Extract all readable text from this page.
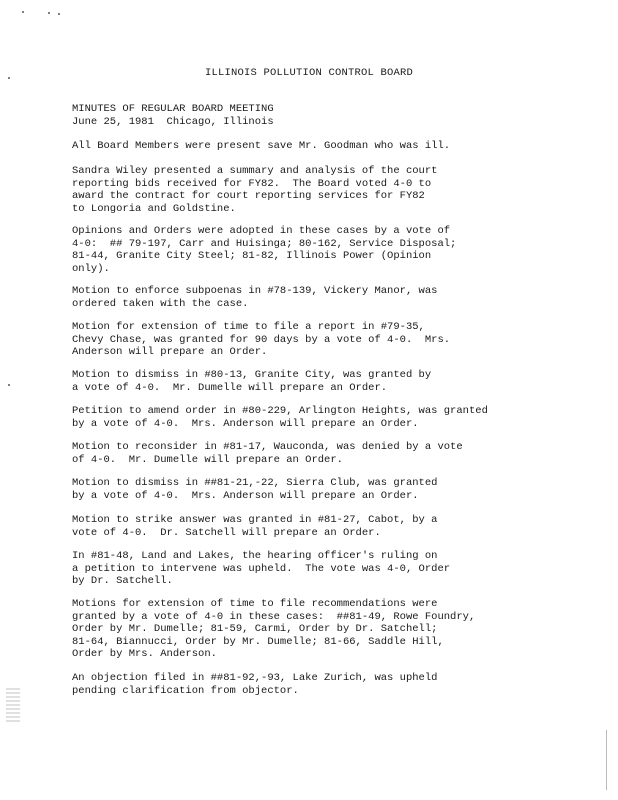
ILLINOIS POLLUTION CONTROL BOARD
MINUTES OF REGULAR BOARD MEETING
June 25, 1981  Chicago, Illinois
All Board Members were present save Mr. Goodman who was ill.
Sandra Wiley presented a summary and analysis of the court
reporting bids received for FY82.  The Board voted 4-0 to
award the contract for court reporting services for FY82
to Longoria and Goldstine.
Opinions and Orders were adopted in these cases by a vote of
4-0:  ## 79-197, Carr and Huisinga; 80-162, Service Disposal;
81-44, Granite City Steel; 81-82, Illinois Power (Opinion
only).
Motion to enforce subpoenas in #78-139, Vickery Manor, was
ordered taken with the case.
Motion for extension of time to file a report in #79-35,
Chevy Chase, was granted for 90 days by a vote of 4-0.  Mrs.
Anderson will prepare an Order.
Motion to dismiss in #80-13, Granite City, was granted by
a vote of 4-0.  Mr. Dumelle will prepare an Order.
Petition to amend order in #80-229, Arlington Heights, was granted
by a vote of 4-0.  Mrs. Anderson will prepare an Order.
Motion to reconsider in #81-17, Wauconda, was denied by a vote
of 4-0.  Mr. Dumelle will prepare an Order.
Motion to dismiss in ##81-21,-22, Sierra Club, was granted
by a vote of 4-0.  Mrs. Anderson will prepare an Order.
Motion to strike answer was granted in #81-27, Cabot, by a
vote of 4-0.  Dr. Satchell will prepare an Order.
In #81-48, Land and Lakes, the hearing officer's ruling on
a petition to intervene was upheld.  The vote was 4-0, Order
by Dr. Satchell.
Motions for extension of time to file recommendations were
granted by a vote of 4-0 in these cases:  ##81-49, Rowe Foundry,
Order by Mr. Dumelle; 81-59, Carmi, Order by Dr. Satchell;
81-64, Biannucci, Order by Mr. Dumelle; 81-66, Saddle Hill,
Order by Mrs. Anderson.
An objection filed in ##81-92,-93, Lake Zurich, was upheld
pending clarification from objector.
